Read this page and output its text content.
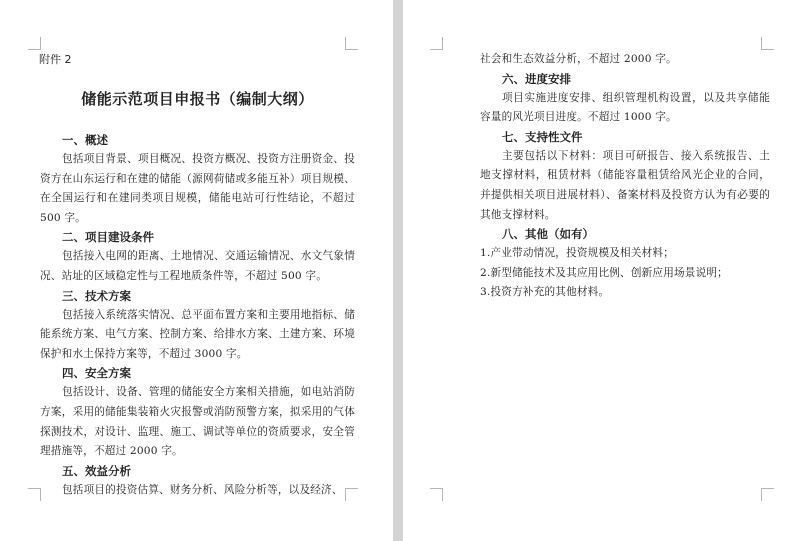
附件 2
储能示范项目申报书（编制大纲）
一、概述
包括项目背景、项目概况、投资方概况、投资方注册资金、投资方在山东运行和在建的储能（源网荷储或多能互补）项目规模、在全国运行和在建同类项目规模，储能电站可行性结论，不超过 500 字。
二、项目建设条件
包括接入电网的距离、土地情况、交通运输情况、水文气象情况、站址的区域稳定性与工程地质条件等，不超过 500 字。
三、技术方案
包括接入系统落实情况、总平面布置方案和主要用地指标、储能系统方案、电气方案、控制方案、给排水方案、土建方案、环境保护和水土保持方案等，不超过 3000 字。
四、安全方案
包括设计、设备、管理的储能安全方案相关措施，如电站消防方案，采用的储能集装箱火灾报警或消防预警方案，拟采用的气体探测技术，对设计、监理、施工、调试等单位的资质要求，安全管理措施等，不超过 2000 字。
五、效益分析
包括项目的投资估算、财务分析、风险分析等，以及经济、
社会和生态效益分析，不超过 2000 字。
六、进度安排
项目实施进度安排、组织管理机构设置，以及共享储能容量的风光项目进度。不超过 1000 字。
七、支持性文件
主要包括以下材料：项目可研报告、接入系统报告、土地支撑材料，租赁材料（储能容量租赁给风光企业的合同，并提供相关项目进展材料）、备案材料及投资方认为有必要的其他支撑材料。
八、其他（如有）
1.产业带动情况，投资规模及相关材料；
2.新型储能技术及其应用比例、创新应用场景说明；
3.投资方补充的其他材料。
